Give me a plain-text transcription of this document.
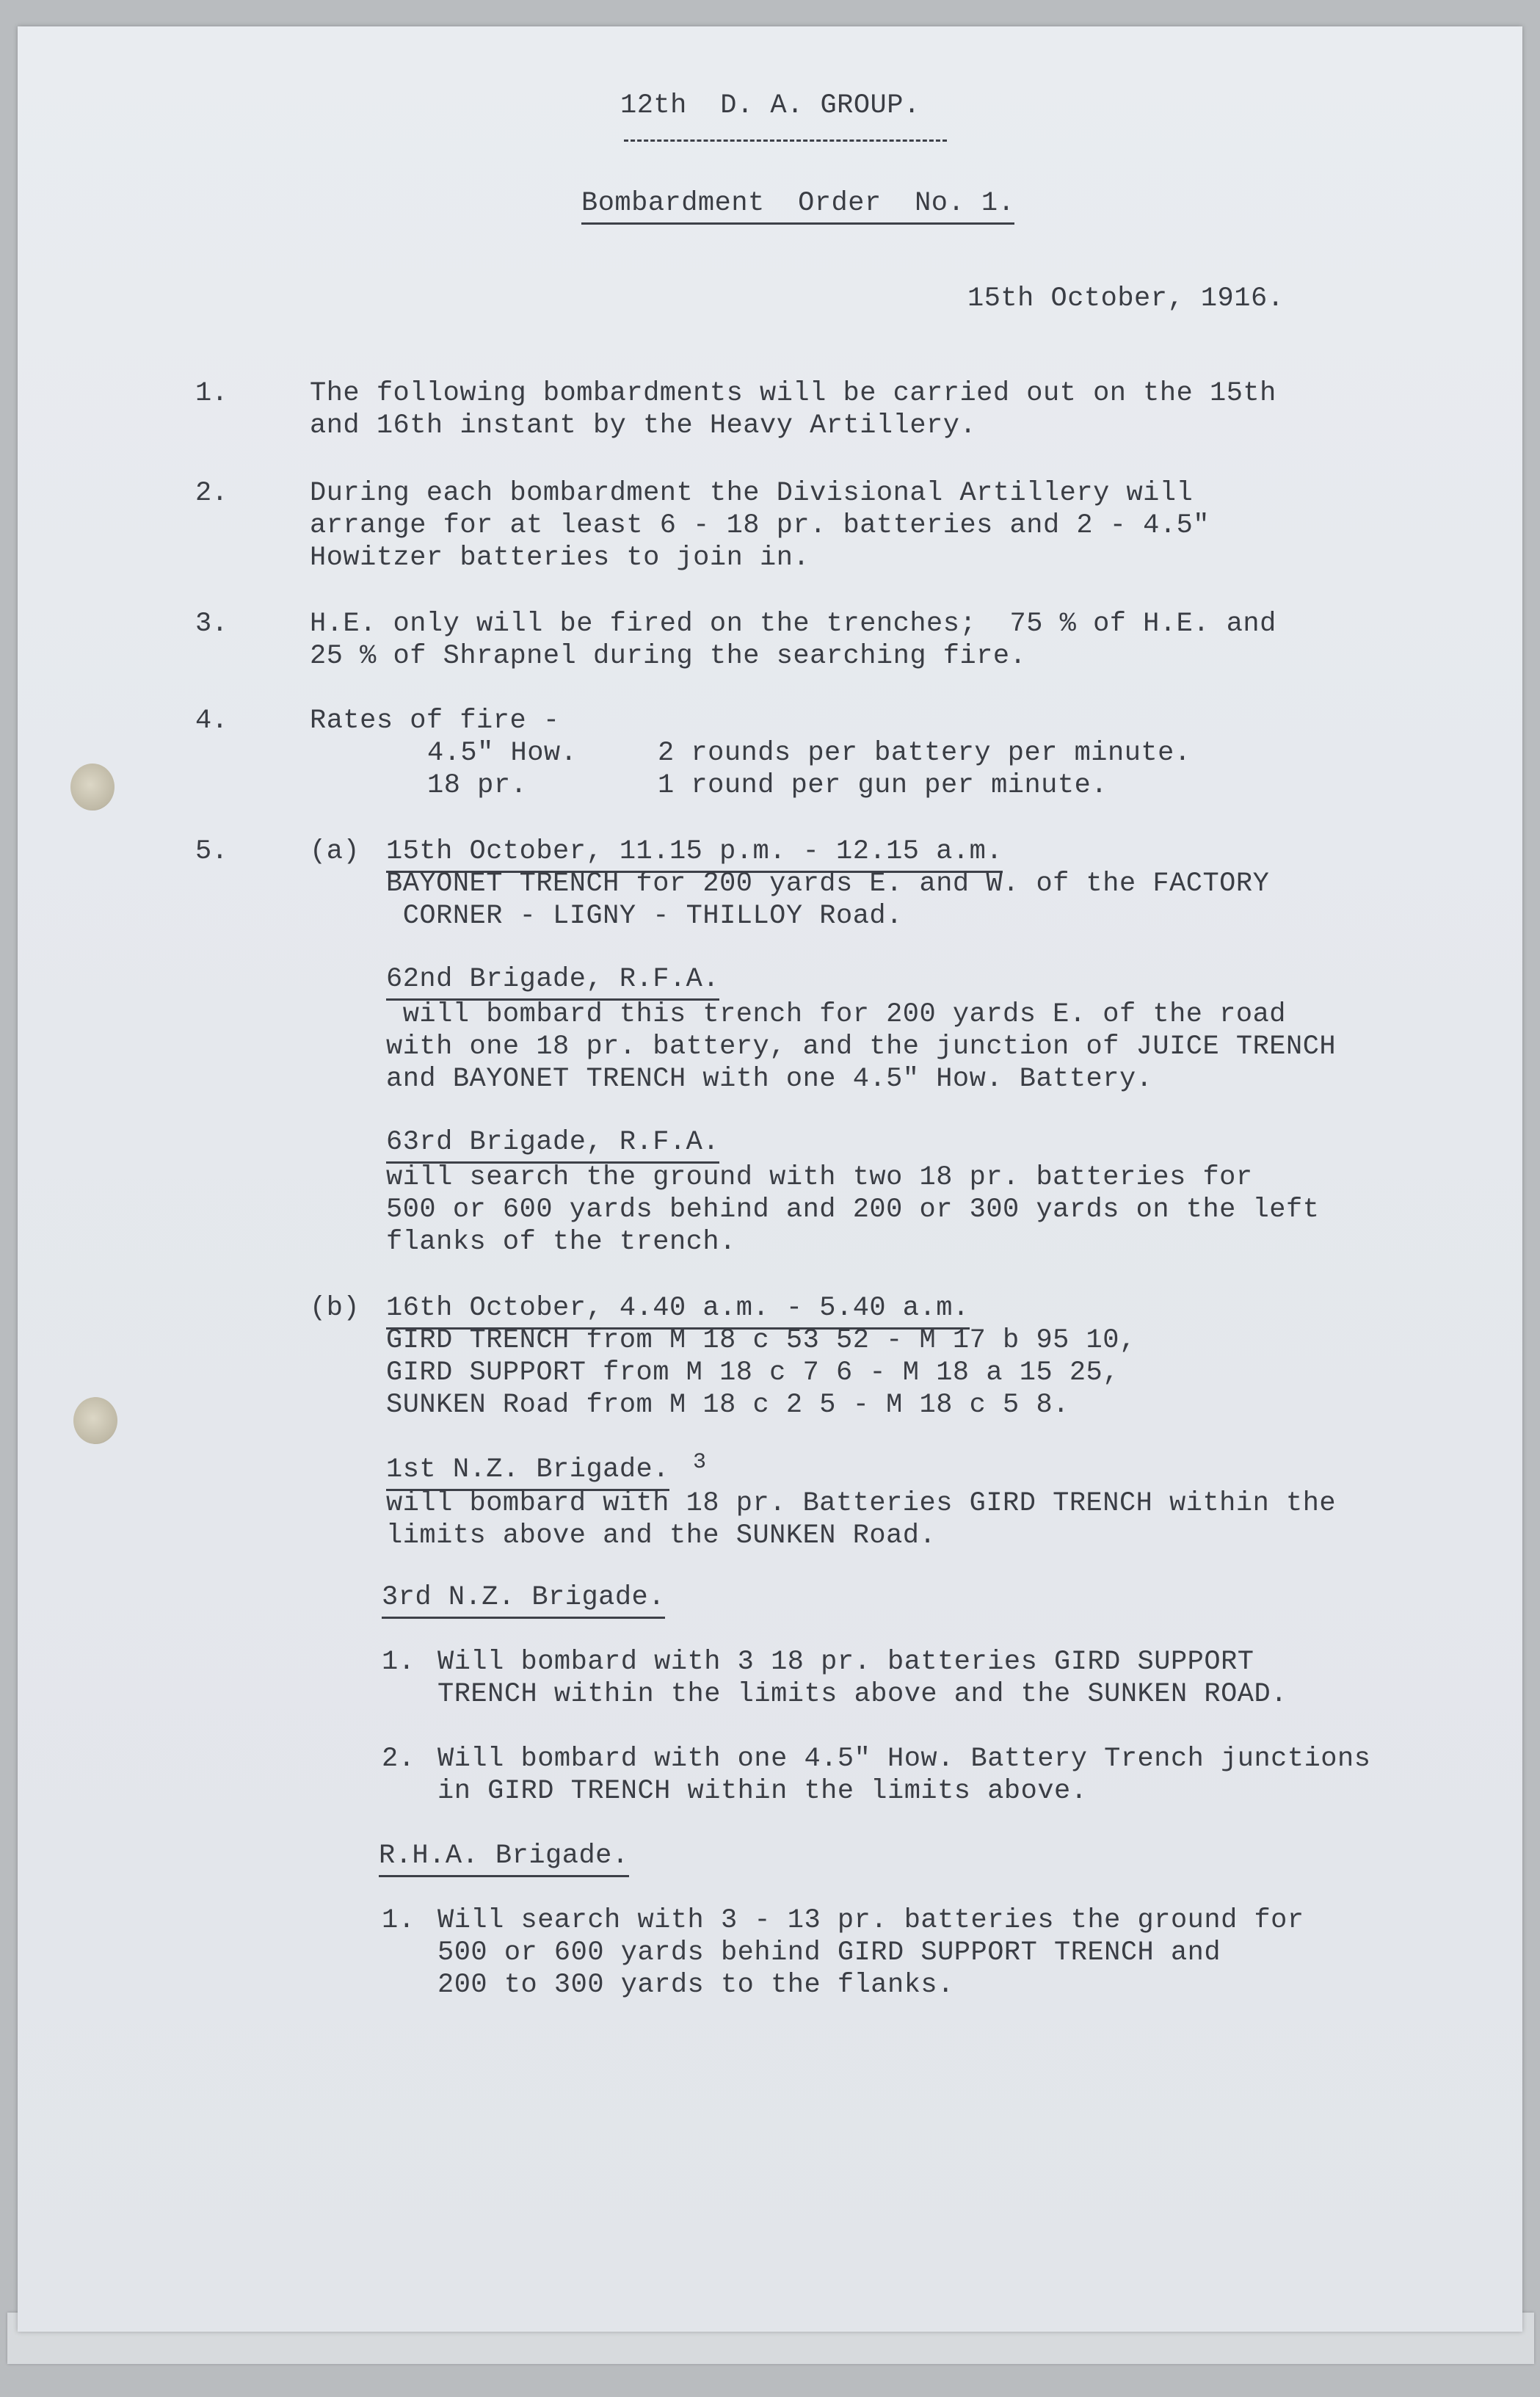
12th  D. A. GROUP.
Bombardment  Order  No. 1.
15th October, 1916.
1.	The following bombardments will be carried out on the 15th
and 16th instant by the Heavy Artillery.
2.	During each bombardment the Divisional Artillery will
arrange for at least 6 - 18 pr. batteries and 2 - 4.5"
Howitzer batteries to join in.
3.	H.E. only will be fired on the trenches;  75 % of H.E. and
25 % of Shrapnel during the searching fire.
4.	Rates of fire -
4.5" How.	2 rounds per battery per minute.
18 pr.	1 round per gun per minute.
5.	(a) 15th October, 11.15 p.m. - 12.15 a.m.
BAYONET TRENCH for 200 yards E. and W. of the FACTORY
CORNER - LIGNY - THILLOY Road.
62nd Brigade, R.F.A.
will bombard this trench for 200 yards E. of the road
with one 18 pr. battery, and the junction of JUICE TRENCH
and BAYONET TRENCH with one 4.5" How. Battery.
63rd Brigade, R.F.A.
will search the ground with two 18 pr. batteries for
500 or 600 yards behind and 200 or 300 yards on the left
flanks of the trench.
(b) 16th October, 4.40 a.m. - 5.40 a.m.
GIRD TRENCH from M 18 c 53 52 - M 17 b 95 10,
GIRD SUPPORT from M 18 c 7 6 - M 18 a 15 25,
SUNKEN Road from M 18 c 2 5 - M 18 c 5 8.
1st N.Z. Brigade. 3
will bombard with 18 pr. Batteries GIRD TRENCH within the
limits above and the SUNKEN Road.
3rd N.Z. Brigade.
1. Will bombard with 3 18 pr. batteries GIRD SUPPORT
TRENCH within the limits above and the SUNKEN ROAD.
2. Will bombard with one 4.5" How. Battery Trench junctions
in GIRD TRENCH within the limits above.
R.H.A. Brigade.
1. Will search with 3 - 13 pr. batteries the ground for
500 or 600 yards behind GIRD SUPPORT TRENCH and
200 to 300 yards to the flanks.
